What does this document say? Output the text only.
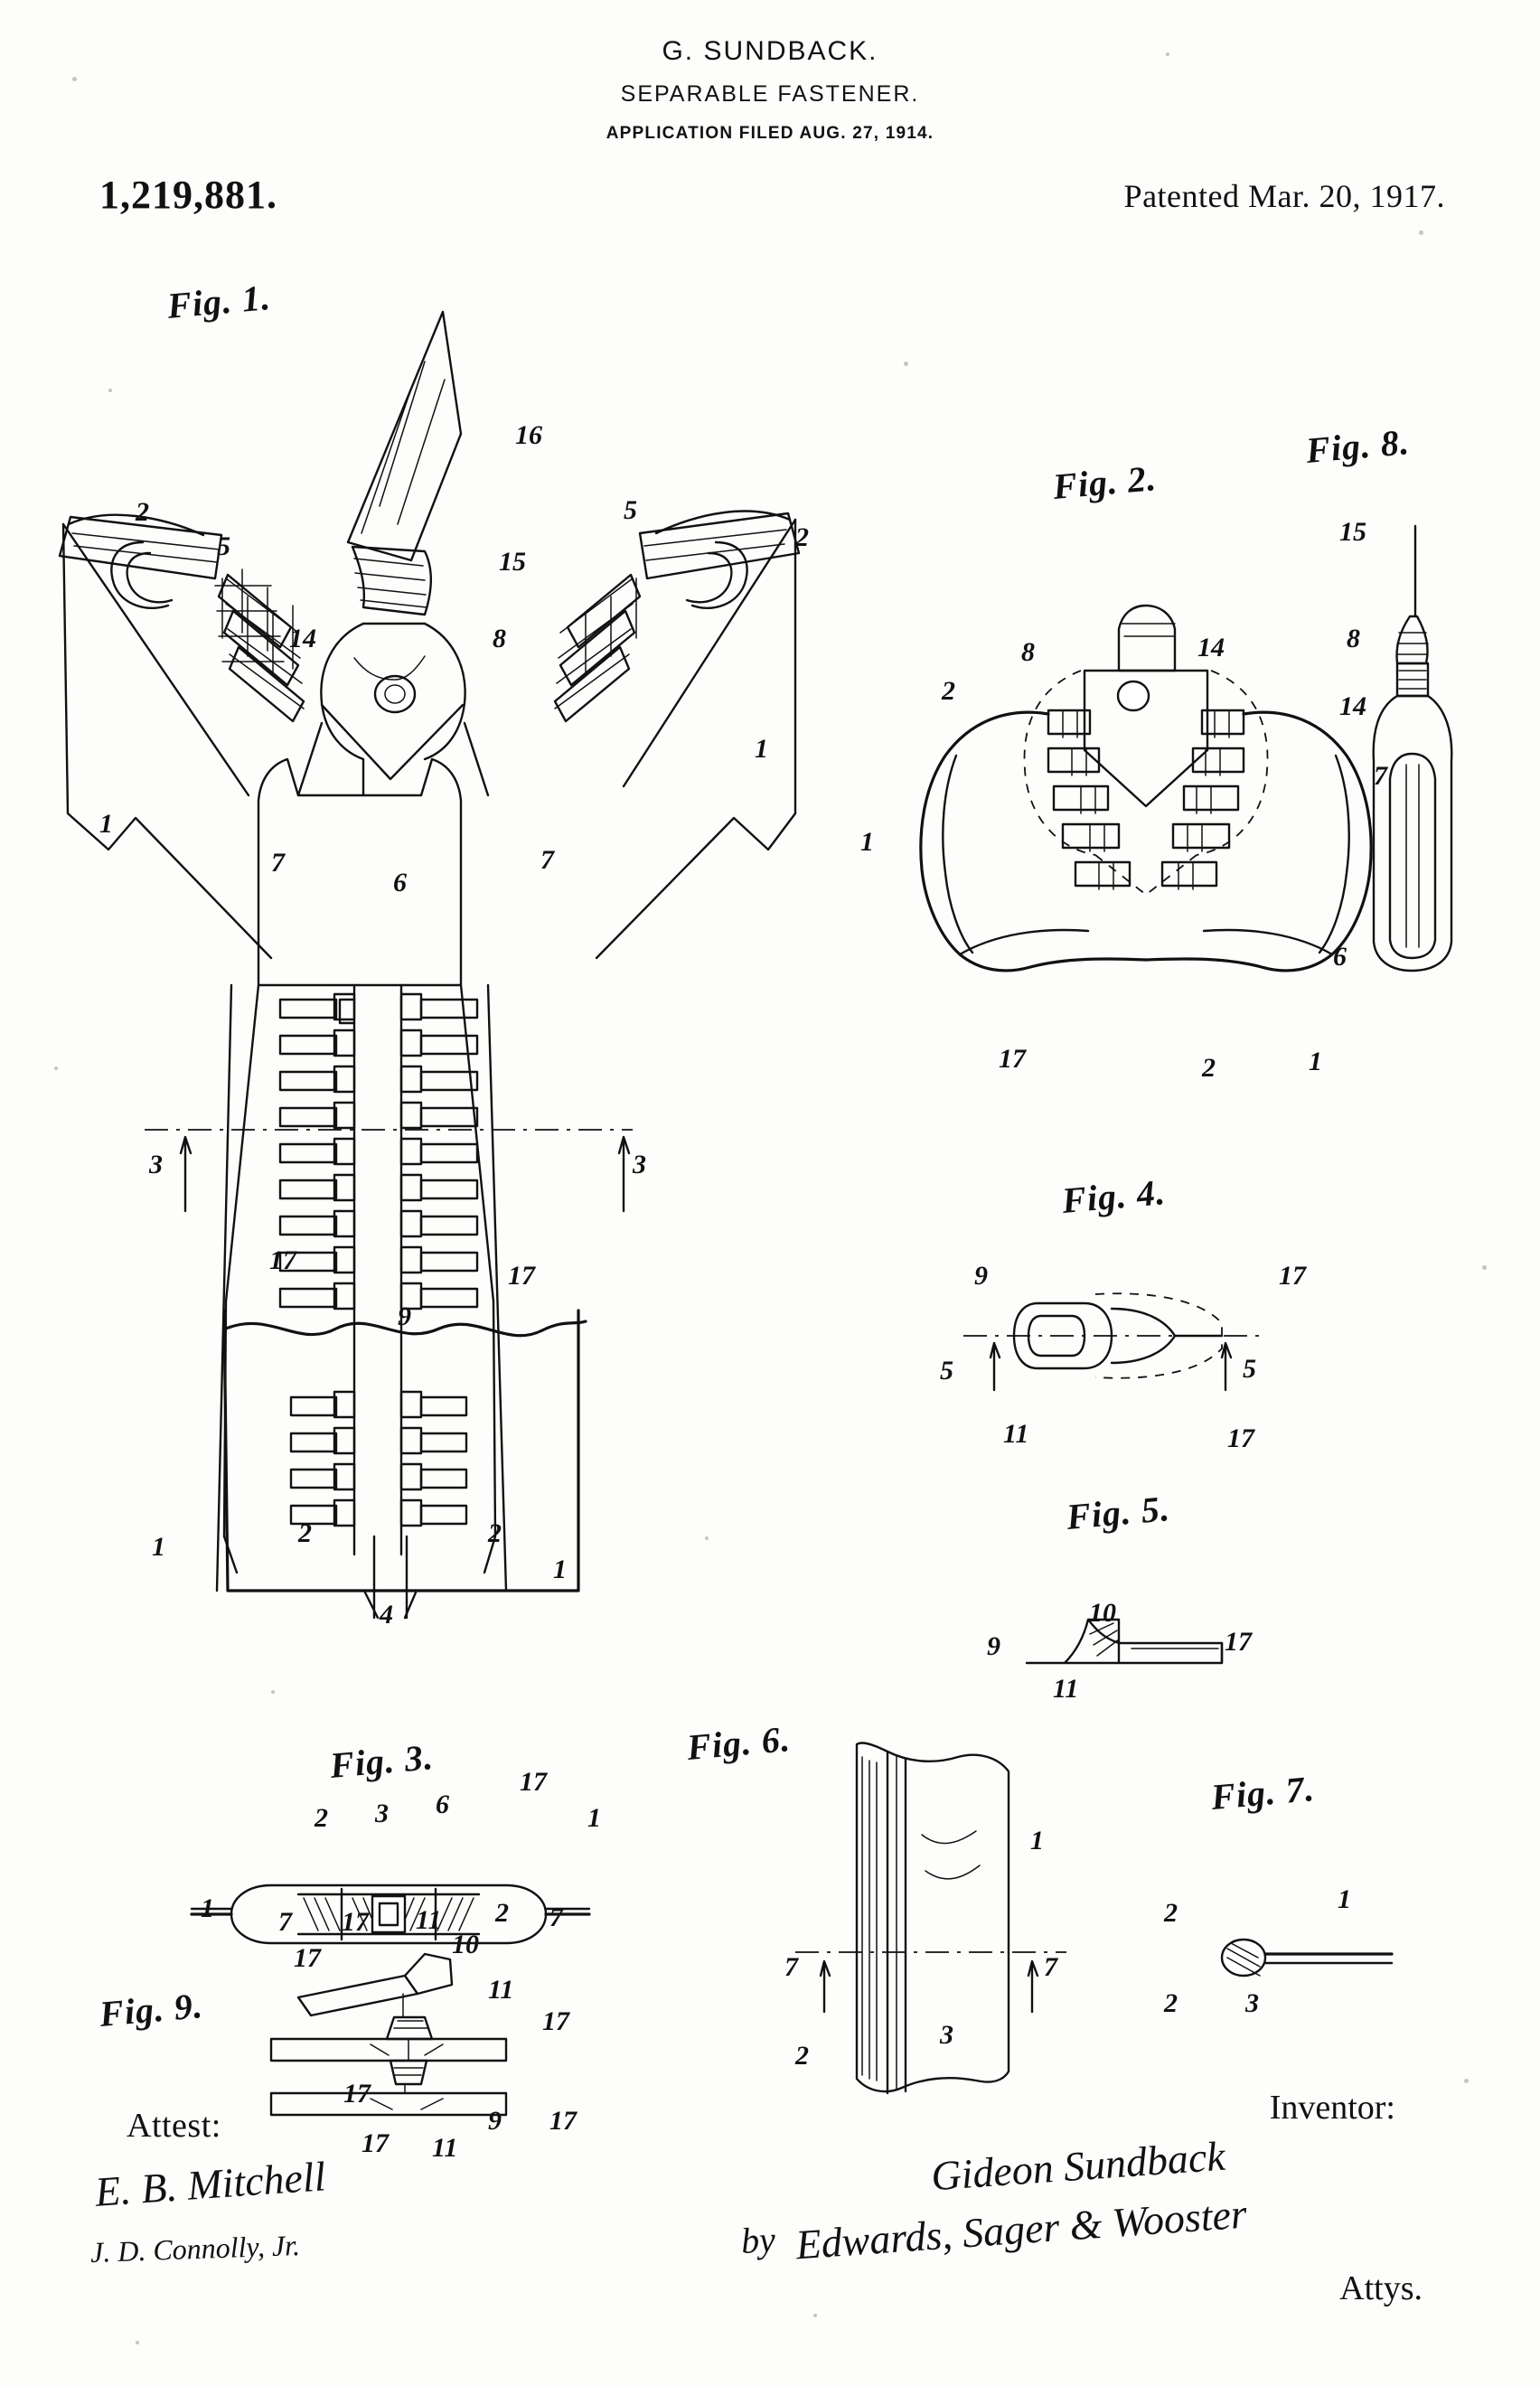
G. SUNDBACK.
SEPARABLE FASTENER.
APPLICATION FILED AUG. 27, 1914.
1,219,881.	Patented Mar. 20, 1917.
Fig. 1.
Fig. 2.
Fig. 8.
Fig. 4.
Fig. 5.
Fig. 3.	Fig. 6.
Fig. 7.
Fig. 9.
16
2
5
5
2
15
14	8
1
1
7	7
6
3	3
17
17
9
1	2	2
1
4
8	14
2
1
17	2	1
15
8
14
7
6
9	17
5	5
11	17
10
9	17
11
2 3 6
17
1
1 7 17 11 2 7
1
7	7
2
3
2	1
2	3
17	10
11
17
17
9 17
17 11
Attest:
E. B. Mitchell
J. D. Connolly, Jr.
Inventor:
by
Gideon Sundback
Edwards, Sager & Wooster
Attys.
